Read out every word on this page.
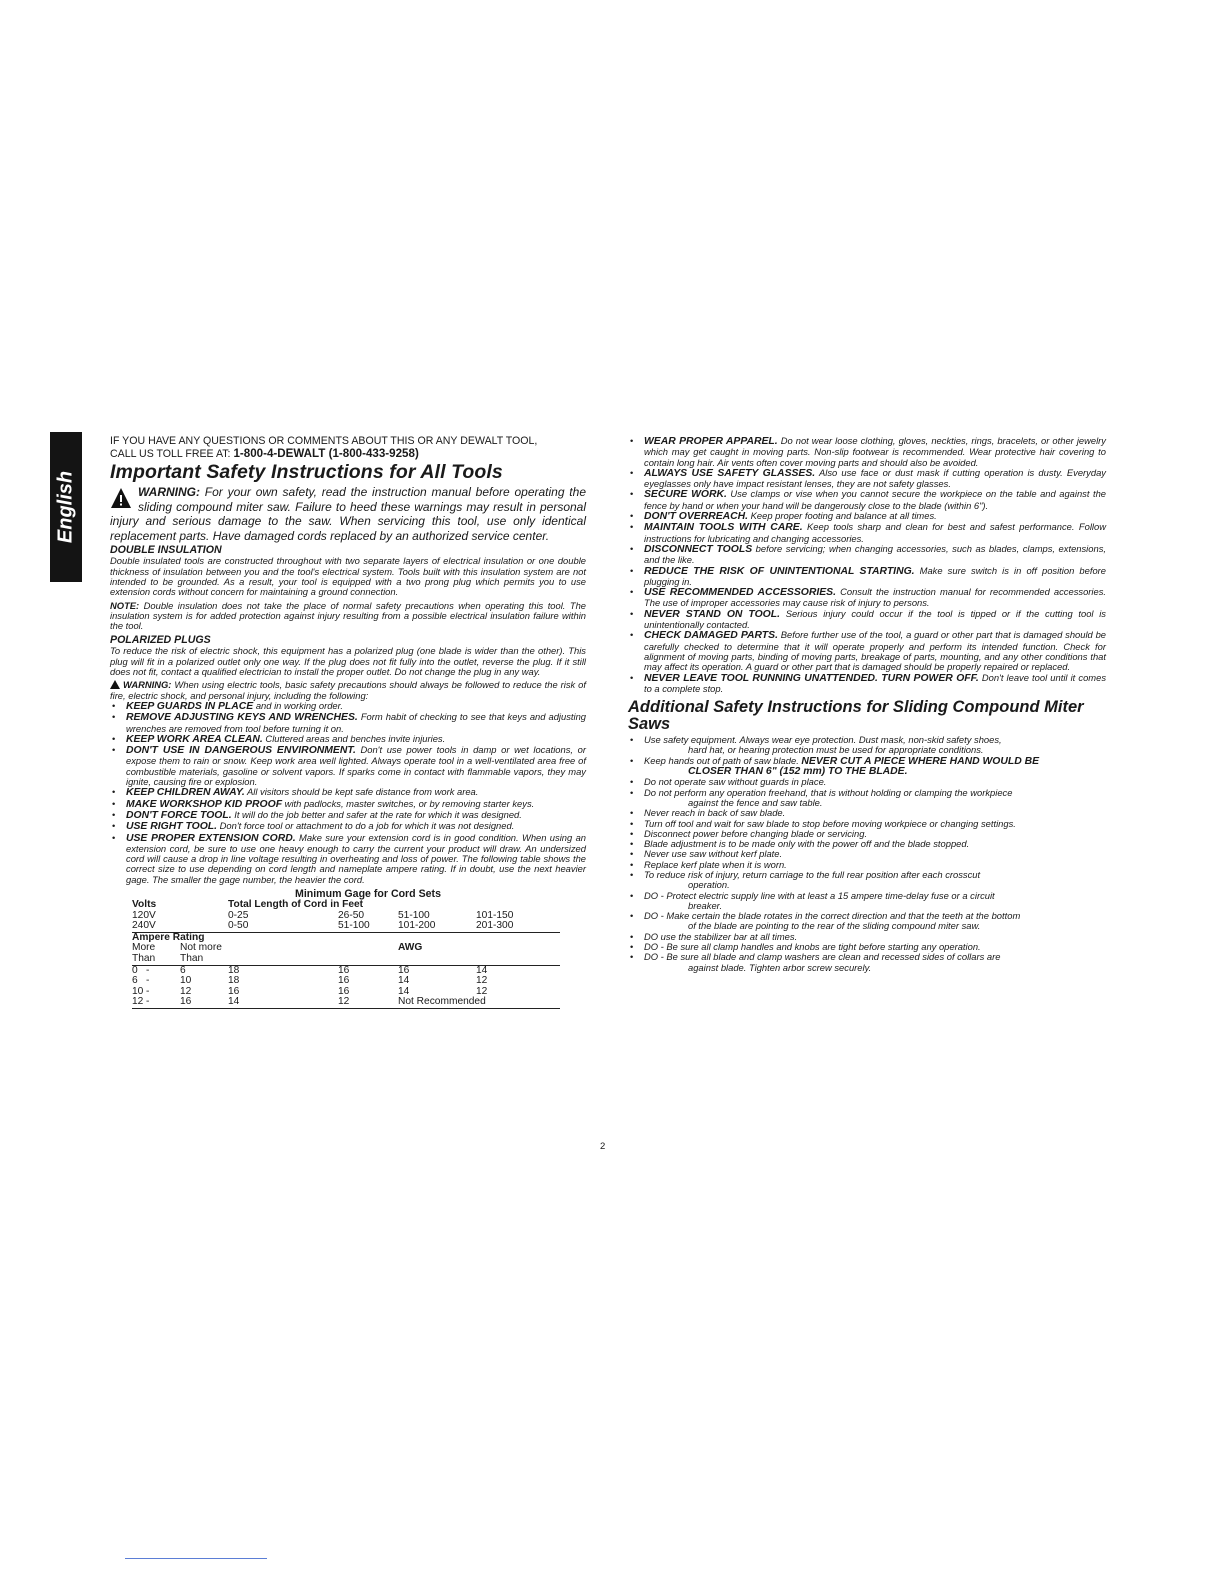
English
IF YOU HAVE ANY QUESTIONS OR COMMENTS ABOUT THIS OR ANY DEWALT TOOL,
CALL US TOLL FREE AT: 1-800-4-DEWALT (1-800-433-9258)
Important Safety Instructions for All Tools
WARNING: For your own safety, read the instruction manual before operating the sliding compound miter saw. Failure to heed these warnings may result in personal injury and serious damage to the saw. When servicing this tool, use only identical replacement parts. Have damaged cords replaced by an authorized service center.
DOUBLE INSULATION

Double insulated tools are constructed throughout with two separate layers of electrical insulation or one double thickness of insulation between you and the tool's electrical system. Tools built with this insulation system are not intended to be grounded. As a result, your tool is equipped with a two prong plug which permits you to use extension cords without concern for maintaining a ground connection.

NOTE: Double insulation does not take the place of normal safety precautions when operating this tool. The insulation system is for added protection against injury resulting from a possible electrical insulation failure within the tool.

POLARIZED PLUGS

To reduce the risk of electric shock, this equipment has a polarized plug (one blade is wider than the other). This plug will fit in a polarized outlet only one way. If the plug does not fit fully into the outlet, reverse the plug. If it still does not fit, contact a qualified electrician to install the proper outlet. Do not change the plug in any way.

WARNING: When using electric tools, basic safety precautions should always be followed to reduce the risk of fire, electric shock, and personal injury, including the following:

• KEEP GUARDS IN PLACE and in working order.
• REMOVE ADJUSTING KEYS AND WRENCHES. Form habit of checking to see that keys and adjusting wrenches are removed from tool before turning it on.
• KEEP WORK AREA CLEAN. Cluttered areas and benches invite injuries.
• DON'T USE IN DANGEROUS ENVIRONMENT. Don't use power tools in damp or wet locations, or expose them to rain or snow. Keep work area well lighted. Always operate tool in a well-ventilated area free of combustible materials, gasoline or solvent vapors. If sparks come in contact with flammable vapors, they may ignite, causing fire or explosion.
• KEEP CHILDREN AWAY. All visitors should be kept safe distance from work area.
• MAKE WORKSHOP KID PROOF with padlocks, master switches, or by removing starter keys.
• DON'T FORCE TOOL. It will do the job better and safer at the rate for which it was designed.
• USE RIGHT TOOL. Don't force tool or attachment to do a job for which it was not designed.
• USE PROPER EXTENSION CORD. Make sure your extension cord is in good condition. When using an extension cord, be sure to use one heavy enough to carry the current your product will draw. An undersized cord will cause a drop in line voltage resulting in overheating and loss of power. The following table shows the correct size to use depending on cord length and nameplate ampere rating. If in doubt, use the next heavier gage. The smaller the gage number, the heavier the cord.
Minimum Gage for Cord Sets
Volts			Total Length of Cord in Feet			
120V			0-25	26-50	51-100	101-150
240V			0-50	51-100	101-200	201-300
Ampere Rating						
More		Not more			AWG	
Than		Than				
0	-	6	18	16	16	14
6	-	10	18	16	14	12
10	-	12	16	16	14	12
12	-	16	14	12	Not Recommended	
• WEAR PROPER APPAREL. Do not wear loose clothing, gloves, neckties, rings, bracelets, or other jewelry which may get caught in moving parts. Non-slip footwear is recommended. Wear protective hair covering to contain long hair. Air vents often cover moving parts and should also be avoided.
• ALWAYS USE SAFETY GLASSES. Also use face or dust mask if cutting operation is dusty. Everyday eyeglasses only have impact resistant lenses, they are not safety glasses.
• SECURE WORK. Use clamps or vise when you cannot secure the workpiece on the table and against the fence by hand or when your hand will be dangerously close to the blade (within 6").
• DON'T OVERREACH. Keep proper footing and balance at all times.
• MAINTAIN TOOLS WITH CARE. Keep tools sharp and clean for best and safest performance. Follow instructions for lubricating and changing accessories.
• DISCONNECT TOOLS before servicing; when changing accessories, such as blades, clamps, extensions, and the like.
• REDUCE THE RISK OF UNINTENTIONAL STARTING. Make sure switch is in off position before plugging in.
• USE RECOMMENDED ACCESSORIES. Consult the instruction manual for recommended accessories. The use of improper accessories may cause risk of injury to persons.
• NEVER STAND ON TOOL. Serious injury could occur if the tool is tipped or if the cutting tool is unintentionally contacted.
• CHECK DAMAGED PARTS. Before further use of the tool, a guard or other part that is damaged should be carefully checked to determine that it will operate properly and perform its intended function. Check for alignment of moving parts, binding of moving parts, breakage of parts, mounting, and any other conditions that may affect its operation. A guard or other part that is damaged should be properly repaired or replaced.
• NEVER LEAVE TOOL RUNNING UNATTENDED. TURN POWER OFF. Don't leave tool until it comes to a complete stop.
Additional Safety Instructions for Sliding Compound Miter Saws
• Use safety equipment. Always wear eye protection. Dust mask, non-skid safety shoes,
hard hat, or hearing protection must be used for appropriate conditions.
• Keep hands out of path of saw blade. NEVER CUT A PIECE WHERE HAND WOULD BE
CLOSER THAN 6" (152 mm) TO THE BLADE.
• Do not operate saw without guards in place.
• Do not perform any operation freehand, that is without holding or clamping the workpiece
against the fence and saw table.
• Never reach in back of saw blade.
• Turn off tool and wait for saw blade to stop before moving workpiece or changing settings.
• Disconnect power before changing blade or servicing.
• Blade adjustment is to be made only with the power off and the blade stopped.
• Never use saw without kerf plate.
• Replace kerf plate when it is worn.
• To reduce risk of injury, return carriage to the full rear position after each crosscut
operation.
• DO - Protect electric supply line with at least a 15 ampere time-delay fuse or a circuit
breaker.
• DO - Make certain the blade rotates in the correct direction and that the teeth at the bottom
of the blade are pointing to the rear of the sliding compound miter saw.
• DO use the stabilizer bar at all times.
• DO - Be sure all clamp handles and knobs are tight before starting any operation.
• DO - Be sure all blade and clamp washers are clean and recessed sides of collars are
against blade. Tighten arbor screw securely.
2
